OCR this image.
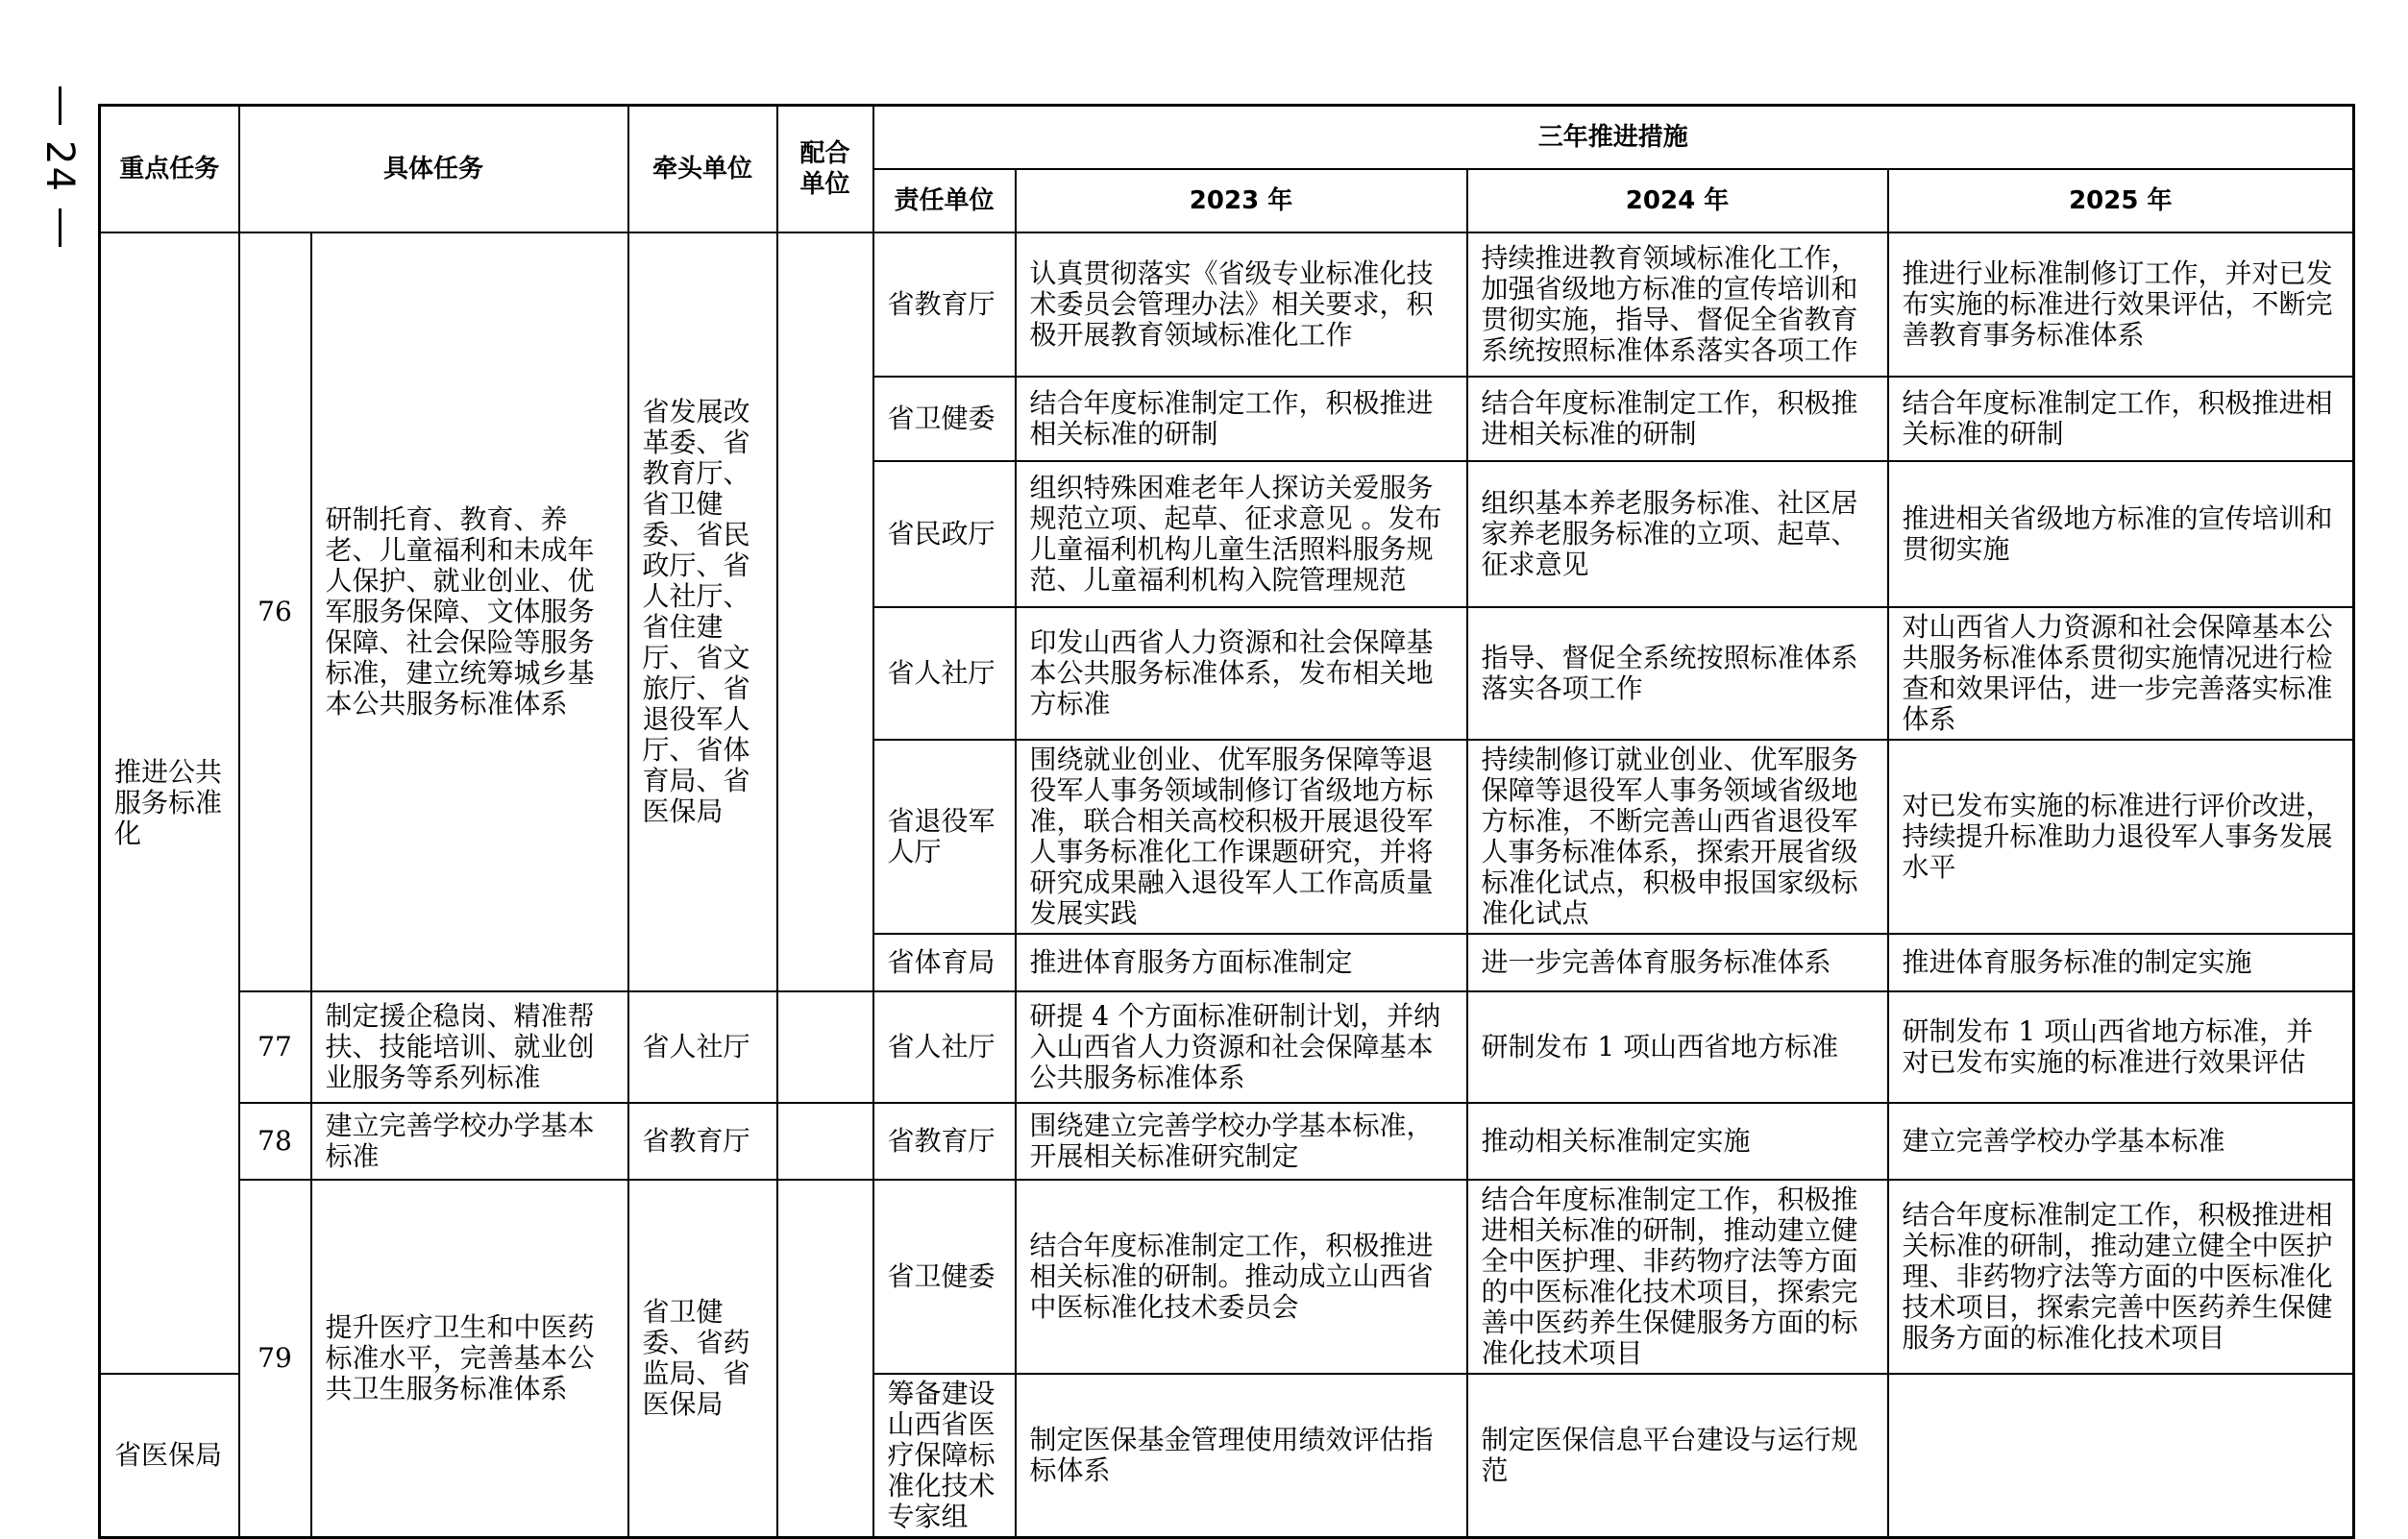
24 重点任务	具体任务		牵头单位	配合单位	三年推进措施			
					责任单位	2023 年	2024 年	2025 年
推进公共服务标准化	76	研制托育、教育、养老、儿童福利和未成年人保护、就业创业、优军服务保障、文体服务保障、社会保险等服务标准，建立统筹城乡基本公共服务标准体系	省发展改革委、省教育厅、省卫健委、省民政厅、省人社厅、省住建厅、省文旅厅、省退役军人厅、省体育局、省医保局		省教育厅	认真贯彻落实《省级专业标准化技术委员会管理办法》相关要求，积极开展教育领域标准化工作	持续推进教育领域标准化工作，加强省级地方标准的宣传培训和贯彻实施，指导、督促全省教育系统按照标准体系落实各项工作	推进行业标准制修订工作，并对已发布实施的标准进行效果评估，不断完善教育事务标准体系
					省卫健委	结合年度标准制定工作，积极推进相关标准的研制	结合年度标准制定工作，积极推进相关标准的研制	结合年度标准制定工作，积极推进相关标准的研制
					省民政厅	组织特殊困难老年人探访关爱服务规范立项、起草、征求意见 。发布儿童福利机构儿童生活照料服务规范、儿童福利机构入院管理规范	组织基本养老服务标准、社区居家养老服务标准的立项、起草、征求意见	推进相关省级地方标准的宣传培训和贯彻实施
					省人社厅	印发山西省人力资源和社会保障基本公共服务标准体系，发布相关地方标准	指导、督促全系统按照标准体系落实各项工作	对山西省人力资源和社会保障基本公共服务标准体系贯彻实施情况进行检查和效果评估，进一步完善落实标准体系
					省退役军人厅	围绕就业创业、优军服务保障等退役军人事务领域制修订省级地方标准，联合相关高校积极开展退役军人事务标准化工作课题研究，并将研究成果融入退役军人工作高质量发展实践	持续制修订就业创业、优军服务保障等退役军人事务领域省级地方标准，不断完善山西省退役军人事务标准体系，探索开展省级标准化试点，积极申报国家级标准化试点	对已发布实施的标准进行评价改进，持续提升标准助力退役军人事务发展水平
					省体育局	推进体育服务方面标准制定	进一步完善体育服务标准体系	推进体育服务标准的制定实施
	77	制定援企稳岗、精准帮扶、技能培训、就业创业服务等系列标准	省人社厅		省人社厅	研提 4 个方面标准研制计划，并纳入山西省人力资源和社会保障基本公共服务标准体系	研制发布 1 项山西省地方标准	研制发布 1 项山西省地方标准，并对已发布实施的标准进行效果评估
	78	建立完善学校办学基本标准	省教育厅		省教育厅	围绕建立完善学校办学基本标准，开展相关标准研究制定	推动相关标准制定实施	建立完善学校办学基本标准
	79	提升医疗卫生和中医药标准水平，完善基本公共卫生服务标准体系	省卫健委、省药监局、省医保局		省卫健委	结合年度标准制定工作，积极推进相关标准的研制。推动成立山西省中医标准化技术委员会	结合年度标准制定工作，积极推进相关标准的研制，推动建立健全中医护理、非药物疗法等方面的中医标准化技术项目，探索完善中医药养生保健服务方面的标准化技术项目	结合年度标准制定工作，积极推进相关标准的研制，推动建立健全中医护理、非药物疗法等方面的中医标准化技术项目，探索完善中医药养生保健服务方面的标准化技术项目
省医保局					筹备建设山西省医疗保障标准化技术专家组	制定医保基金管理使用绩效评估指标体系	制定医保信息平台建设与运行规范	
